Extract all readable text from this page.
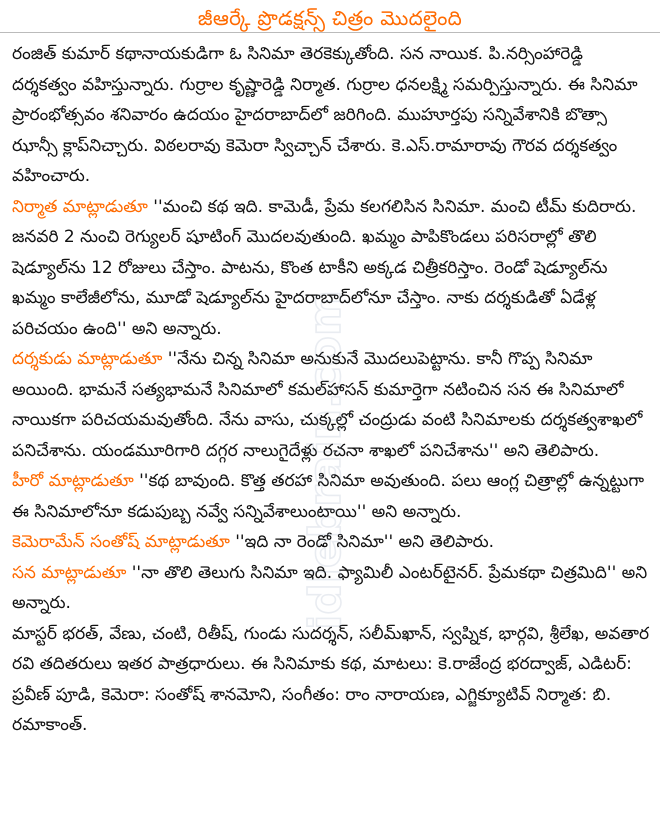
జీఆర్కే ప్రొడక్షన్స్ చిత్రం మొదలైంది

రంజిత్ కుమార్ కథానాయకుడిగా ఓ సినిమా తెరకెక్కుతోంది. సన నాయిక. పి.నర్సింహారెడ్డి దర్శకత్వం వహిస్తున్నారు. గుర్రాల కృష్ణారెడ్డి నిర్మాత. గుర్రాల ధనలక్ష్మి సమర్పిస్తున్నారు. ఈ సినిమా ప్రారంభోత్సవం శనివారం ఉదయం హైదరాబాద్‌లో జరిగింది. ముహూర్తపు సన్నివేశానికి బొత్సా ఝాన్సీ క్లాప్‌నిచ్చారు. విఠలరావు కెమెరా స్విచ్చాన్ చేశారు. కె.ఎస్.రామారావు గౌరవ దర్శకత్వం వహించారు.

నిర్మాత మాట్లాడుతూ ''మంచి కథ ఇది. కామెడీ, ప్రేమ కలగలిసిన సినిమా. మంచి టీమ్ కుదిరారు. జనవరి 2 నుంచి రెగ్యులర్ షూటింగ్ మొదలవుతుంది. ఖమ్మం పాపికొండలు పరిసరాల్లో తొలి షెడ్యూల్‌ను 12 రోజులు చేస్తాం. పాటను, కొంత టాకీని అక్కడ చిత్రీకరిస్తాం. రెండో షెడ్యూల్‌ను ఖమ్మం కాలేజీలోను, మూడో షెడ్యూల్‌ను హైదరాబాద్‌లోనూ చేస్తాం. నాకు దర్శకుడితో ఏడేళ్ల పరిచయం ఉంది'' అని అన్నారు.

దర్శకుడు మాట్లాడుతూ ''నేను చిన్న సినిమా అనుకునే మొదలుపెట్టాను. కానీ గొప్ప సినిమా అయింది. భామనే సత్యభామనే సినిమాలో కమల్‌హాసన్ కుమార్తెగా నటించిన సన ఈ సినిమాలో నాయికగా పరిచయమవుతోంది. నేను వాసు, చుక్కల్లో చంద్రుడు వంటి సినిమాలకు దర్శకత్వశాఖలో పనిచేశాను. యండమూరిగారి దగ్గర నాలుగైదేళ్లు రచనా శాఖలో పనిచేశాను'' అని తెలిపారు.

హీరో మాట్లాడుతూ ''కథ బావుంది. కొత్త తరహా సినిమా అవుతుంది. పలు ఆంగ్ల చిత్రాల్లో ఉన్నట్టుగా ఈ సినిమాలోనూ కడుపుబ్బ నవ్వే సన్నివేశాలుంటాయి'' అని అన్నారు.

కెమెరామేన్ సంతోష్ మాట్లాడుతూ ''ఇది నా రెండో సినిమా'' అని తెలిపారు.

సన మాట్లాడుతూ ''నా తొలి తెలుగు సినిమా ఇది. ఫ్యామిలీ ఎంటర్‌టైనర్. ప్రేమకథా చిత్రమిది'' అని అన్నారు.

మాస్టర్ భరత్, వేణు, చంటి, రితీష్, గుండు సుదర్శన్, సలీమ్‌ఖాన్, స్వప్నిక, భార్గవి, శ్రీలేఖ, అవతార రవి తదితరులు ఇతర పాత్రధారులు. ఈ సినిమాకు కథ, మాటలు: కె.రాజేంద్ర భరద్వాజ్, ఎడిటర్: ప్రవీణ్ పూడి, కెమెరా: సంతోష్ శానమోని, సంగీతం: రాం నారాయణ, ఎగ్జిక్యూటివ్ నిర్మాత: బి. రమాకాంత్.

idlebrain.com
